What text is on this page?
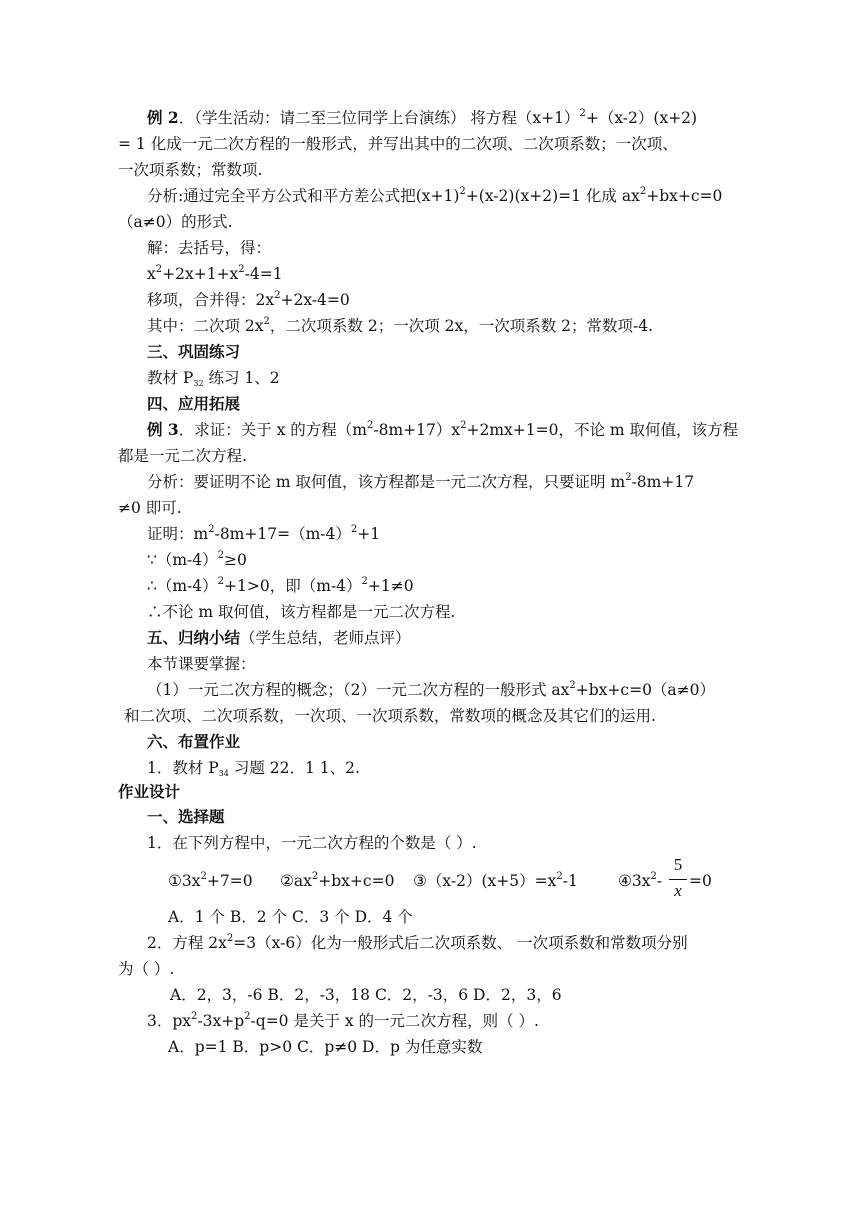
例 2．（学生活动：请二至三位同学上台演练） 将方程$(x+1)^2+(x-2)(x+2)$
= 1 化成一元二次方程的一般形式，并写出其中的二次项、二次项系数；一次项、
一次项系数；常数项.
分析:通过完全平方公式和平方差公式把$(x+1)^2+(x-2)(x+2)=1$ 化成 $ax^2+bx+c=0$
（a≠0）的形式.
解：去括号，得：
$x^2+2x+1+x^2-4=1$
移项，合并得：$2x^2+2x-4=0$
其中：二次项 $2x^2$，二次项系数 2；一次项 2x，一次项系数 2；常数项-4.
三、巩固练习
教材 $P_{32}$ 练习 1、2
四、应用拓展
例 3．求证：关于 x 的方程$(m^2-8m+17)x^2+2mx+1=0$，不论 m 取何值，该方程
都是一元二次方程.
分析：要证明不论 m 取何值，该方程都是一元二次方程，只要证明 $m^2-8m+17$
≠0 即可.
证明：$m^2-8m+17=(m-4)^2+1$
$\because(m-4)^2\ge 0$
$\therefore(m-4)^2+1>0$，即$(m-4)^2+1\ne 0$
∴不论 m 取何值，该方程都是一元二次方程.
五、归纳小结（学生总结，老师点评）
本节课要掌握：
（1）一元二次方程的概念；（2）一元二次方程的一般形式 $ax^2+bx+c=0(a\ne 0)$
和二次项、二次项系数，一次项、一次项系数，常数项的概念及其它们的运用.
六、布置作业
1．教材 $P_{34}$ 习题 22．1 1、2.
作业设计
一、选择题
1．在下列方程中，一元二次方程的个数是（ ）.
$①3x^2+7=0$ $②ax^2+bx+c=0$ $③(x-2)(x+5)=x^2-1$	$④3x^2-$
5
x =0
A．1 个 B．2 个 C．3 个 D．4 个
2．方程 $2x^2=3(x-6)$化为一般形式后二次项系数、 一次项系数和常数项分别
为（ ）.
A．2，3，-6 B．2，-3，18 C．2，-3，6 D．2，3，6
3．$px^2-3x+p^2-q=0$ 是关于 x 的一元二次方程，则（ ）.
A．p=1 B．p>0 C．p≠0 D．p 为任意实数
